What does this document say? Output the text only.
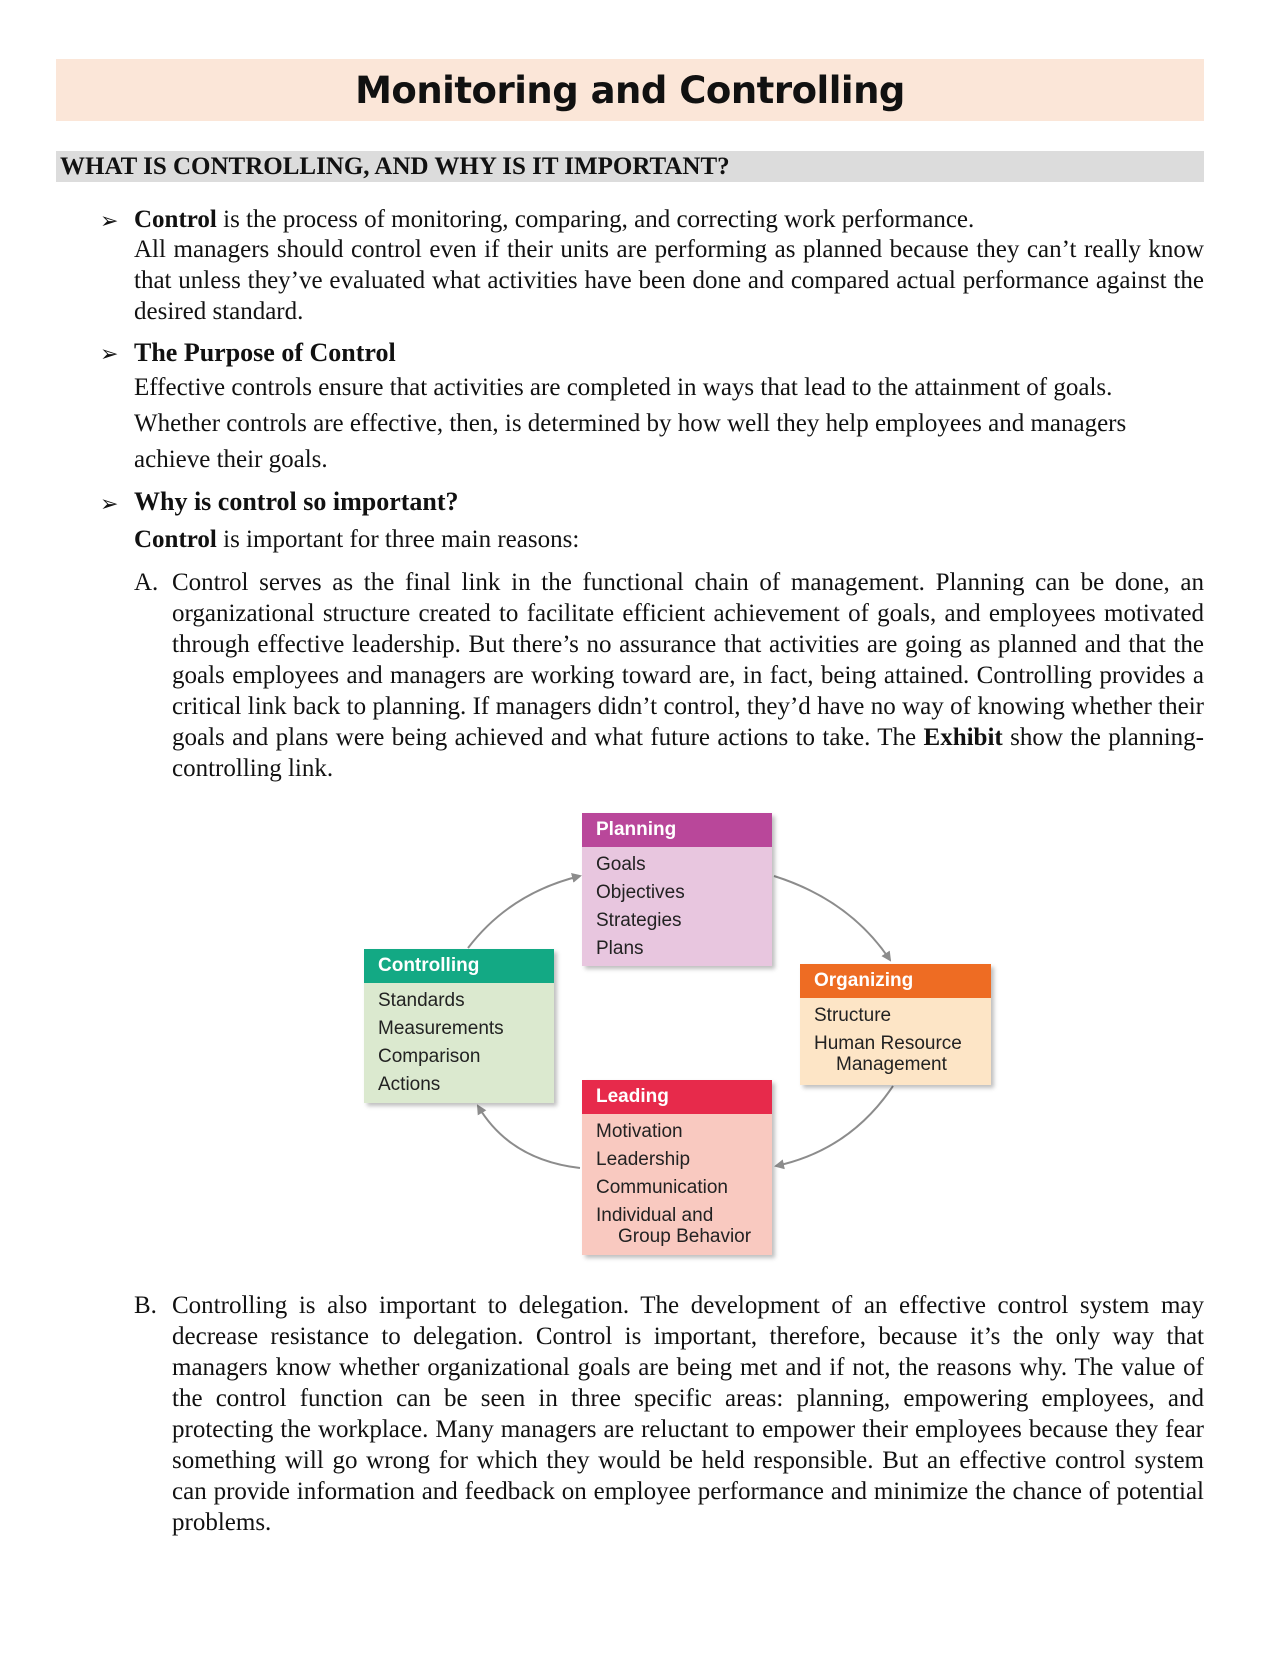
Monitoring and Controlling
WHAT IS CONTROLLING, AND WHY IS IT IMPORTANT?
➢ Control is the process of monitoring, comparing, and correcting work performance.
All managers should control even if their units are performing as planned because they can’t really know that unless they’ve evaluated what activities have been done and compared actual performance against the desired standard.
➢ The Purpose of Control
Effective controls ensure that activities are completed in ways that lead to the attainment of goals. Whether controls are effective, then, is determined by how well they help employees and managers achieve their goals.
➢ Why is control so important?
Control is important for three main reasons:
A. Control serves as the final link in the functional chain of management. Planning can be done, an organizational structure created to facilitate efficient achievement of goals, and employees motivated through effective leadership. But there’s no assurance that activities are going as planned and that the goals employees and managers are working toward are, in fact, being attained. Controlling provides a critical link back to planning. If managers didn’t control, they’d have no way of knowing whether their goals and plans were being achieved and what future actions to take. The Exhibit show the planning-controlling link.
B. Controlling is also important to delegation. The development of an effective control system may decrease resistance to delegation. Control is important, therefore, because it’s the only way that managers know whether organizational goals are being met and if not, the reasons why. The value of the control function can be seen in three specific areas: planning, empowering employees, and protecting the workplace. Many managers are reluctant to empower their employees because they fear something will go wrong for which they would be held responsible. But an effective control system can provide information and feedback on employee performance and minimize the chance of potential problems.
Planning
Goals
Objectives
Strategies
Plans
Controlling
Standards
Measurements
Comparison
Actions
Organizing
Structure
Human Resource
Management
Leading
Motivation
Leadership
Communication
Individual and
Group Behavior
